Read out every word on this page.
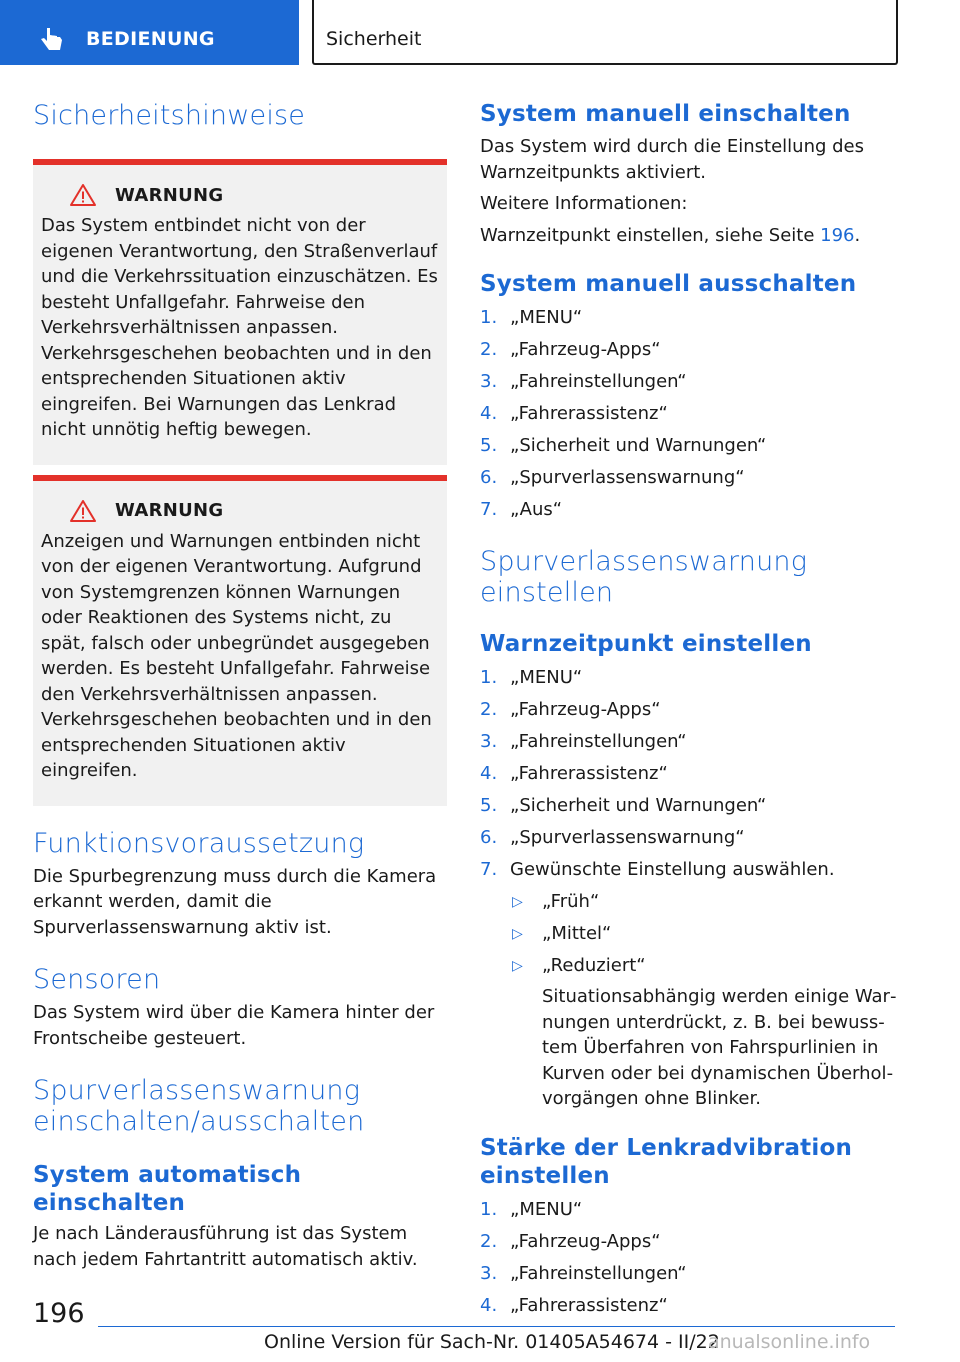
BEDIENUNG	Sicherheit
Sicherheitshinweise
WARNUNG

Das System entbindet nicht von der eigenen Verantwortung, den Straßenverlauf und die Verkehrssituation einzuschätzen. Es besteht Unfallgefahr. Fahrweise den Verkehrsverhältnissen anpassen. Verkehrsgeschehen beobachten und in den entsprechenden Situationen aktiv eingreifen. Bei Warnungen das Lenkrad nicht unnötig heftig bewegen.

WARNUNG

Anzeigen und Warnungen entbinden nicht von der eigenen Verantwortung. Aufgrund von Systemgrenzen können Warnungen oder Reaktionen des Systems nicht, zu spät, falsch oder unbegründet ausgegeben werden. Es besteht Unfallgefahr. Fahrweise den Verkehrsverhältnissen anpassen. Verkehrsgeschehen beobachten und in den entsprechenden Situationen aktiv eingreifen.

Funktionsvoraussetzung

Die Spurbegrenzung muss durch die Kamera erkannt werden, damit die Spurverlassenswarnung aktiv ist.

Sensoren

Das System wird über die Kamera hinter der Frontscheibe gesteuert.

Spurverlassenswarnung
einschalten/ausschalten
System automatisch einschalten

Je nach Länderausführung ist das System nach jedem Fahrtantritt automatisch aktiv.

System manuell einschalten

Das System wird durch die Einstellung des Warnzeitpunkts aktiviert.

Weitere Informationen:

Warnzeitpunkt einstellen, siehe Seite 196.

System manuell ausschalten
1. „MENU“
2. „Fahrzeug-Apps“
3. „Fahreinstellungen“
4. „Fahrerassistenz“
5. „Sicherheit und Warnungen“
6. „Spurverlassenswarnung“
7. „Aus“
Spurverlassenswarnung einstellen
Warnzeitpunkt einstellen
1. „MENU“
2. „Fahrzeug-Apps“
3. „Fahreinstellungen“
4. „Fahrerassistenz“
5. „Sicherheit und Warnungen“
6. „Spurverlassenswarnung“
7. Gewünschte Einstellung auswählen.
▷	„Früh“
▷	„Mittel“
▷	„Reduziert“
Situationsabhängig werden einige Warnungen unterdrückt, z. B. bei bewusstem Überfahren von Fahrspurlinien in Kurven oder bei dynamischen Überholvorgängen ohne Blinker.
Stärke der Lenkradvibration einstellen
1. „MENU“
2. „Fahrzeug-Apps“
3. „Fahreinstellungen“
4. „Fahrerassistenz“
196
Online Version für Sach-Nr. 01405A54674 - II/22
anualsonline.info
